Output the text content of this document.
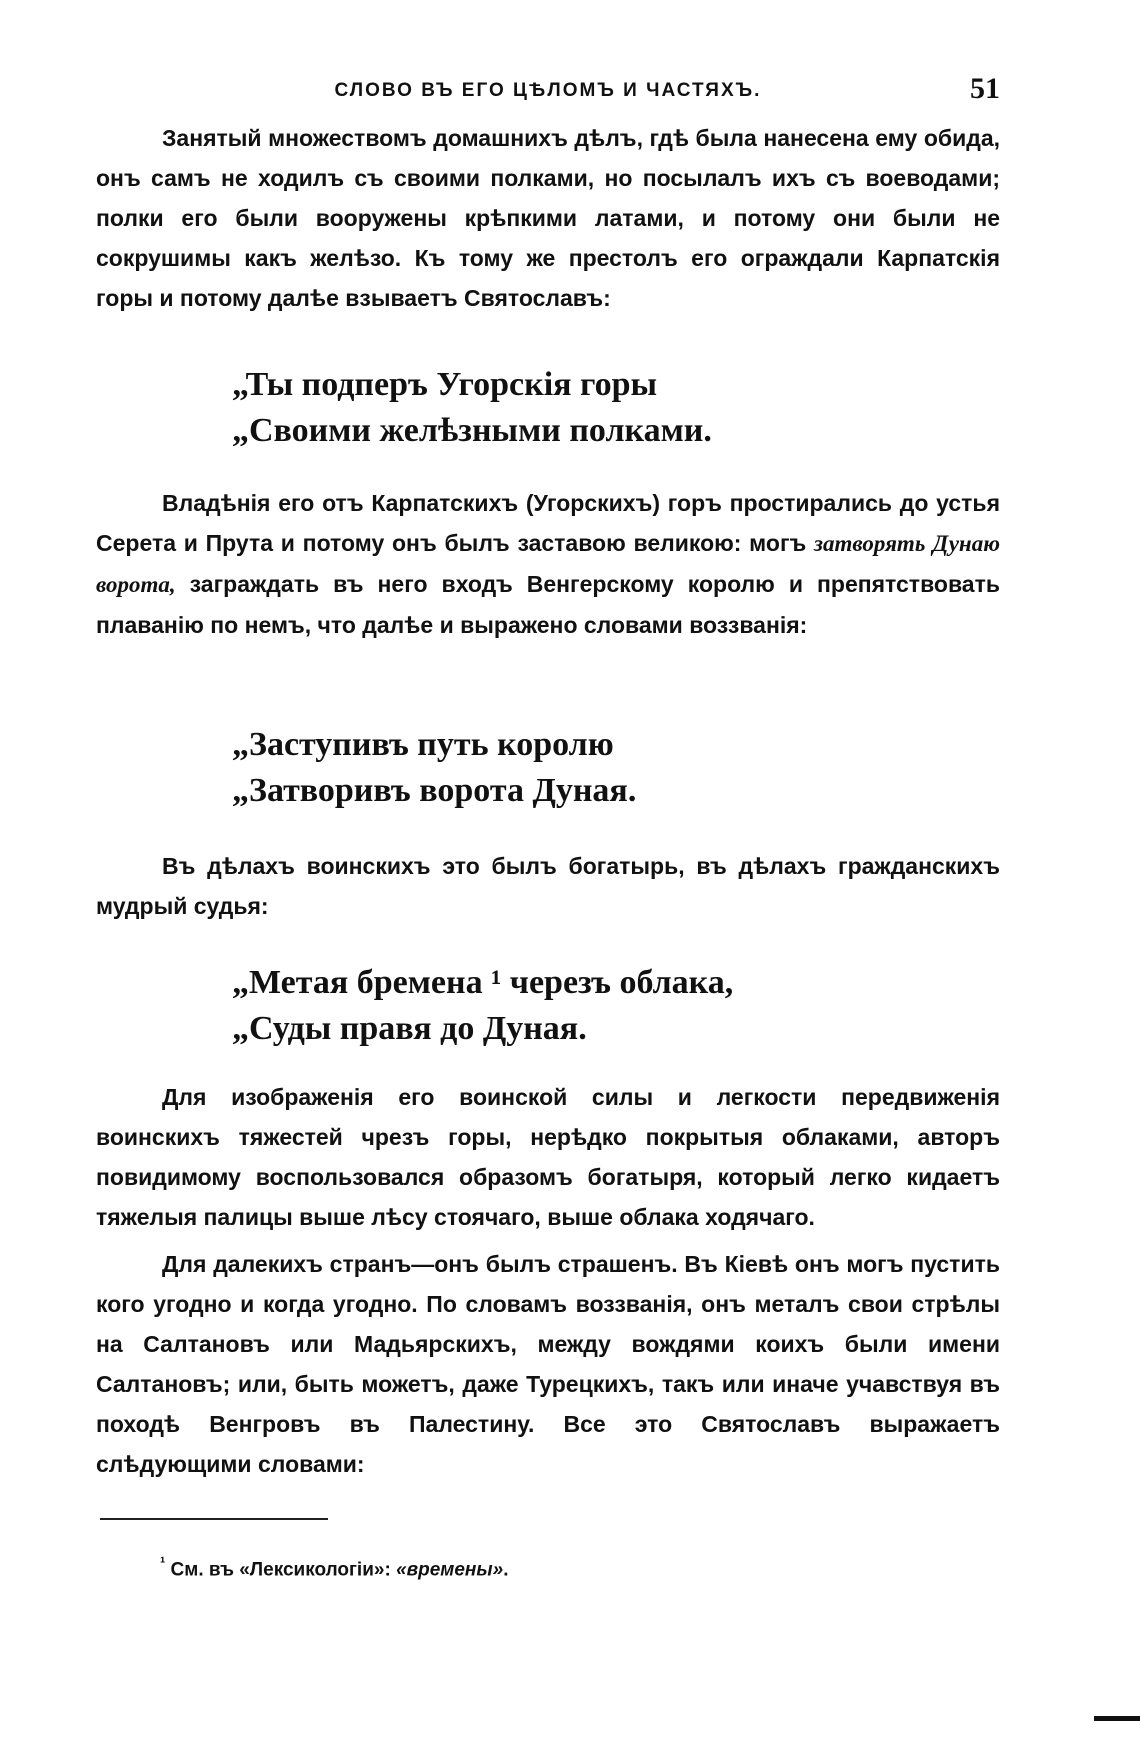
СЛОВО ВЪ ЕГО ЦѢЛОМЪ И ЧАСТЯХЪ.	51

Занятый множествомъ домашнихъ дѣлъ, гдѣ была нанесена ему обида, онъ самъ не ходилъ съ своими полками, но посылалъ ихъ съ воеводами; полки его были вооружены крѣпкими латами, и потому они были не сокрушимы какъ желѣзо. Къ тому же престолъ его ограждали Карпатскія горы и потому далѣе взываетъ Святославъ:

„Ты подперъ Угорскія горы
„Своими желѣзными полками.

Владѣнія его отъ Карпатскихъ (Угорскихъ) горъ простирались до устья Серета и Прута и потому онъ былъ заставою великою: могъ затворять Дунаю ворота, заграждать въ него входъ Венгерскому королю и препятствовать плаванію по немъ, что далѣе и выражено словами воззванія:

„Заступивъ путь королю
„Затворивъ ворота Дуная.

Въ дѣлахъ воинскихъ это былъ богатырь, въ дѣлахъ гражданскихъ мудрый судья:

„Метая бремена ¹ черезъ облака,
„Суды правя до Дуная.

Для изображенія его воинской силы и легкости передвиженія воинскихъ тяжестей чрезъ горы, нерѣдко покрытыя облаками, авторъ повидимому воспользовался образомъ богатыря, который легко кидаетъ тяжелыя палицы выше лѣсу стоячаго, выше облака ходячаго.

Для далекихъ странъ—онъ былъ страшенъ. Въ Кіевѣ онъ могъ пустить кого угодно и когда угодно. По словамъ воззванія, онъ металъ свои стрѣлы на Салтановъ или Мадьярскихъ, между вождями коихъ были имени Салтановъ; или, быть можетъ, даже Турецкихъ, такъ или иначе учавствуя въ походѣ Венгровъ въ Палестину. Все это Святославъ выражаетъ слѣдующими словами:

$^{^1}$ См. въ «Лексикологіи»: «времены».
